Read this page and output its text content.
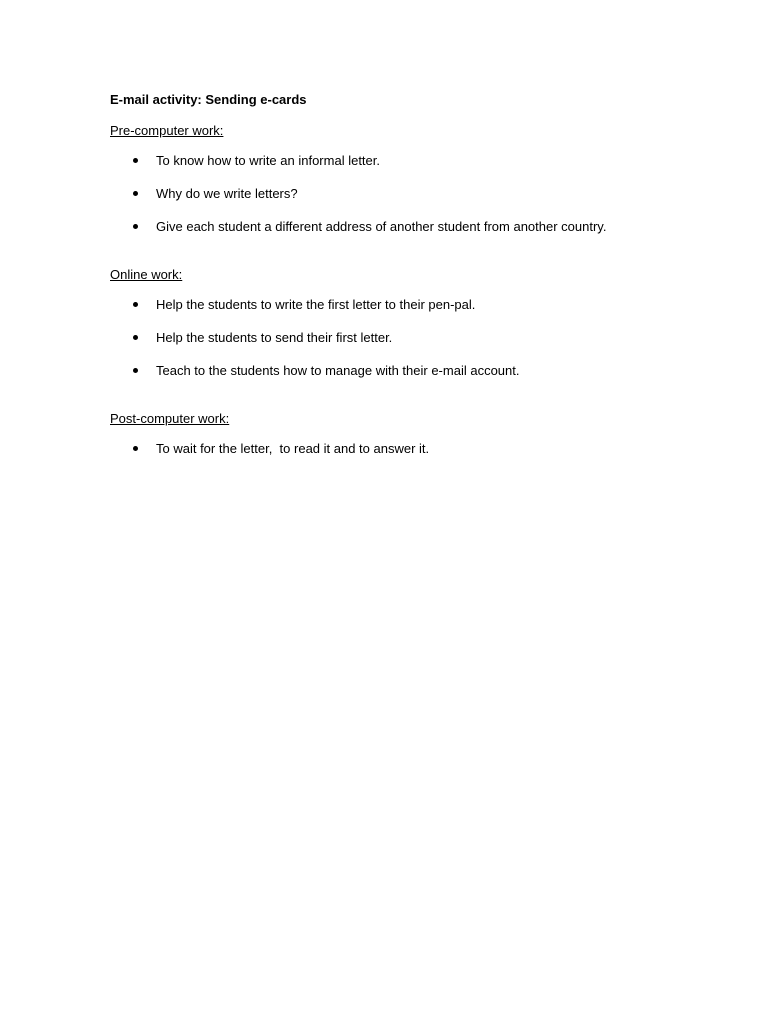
E-mail activity: Sending e-cards
Pre-computer work:
To know how to write an informal letter.
Why do we write letters?
Give each student a different address of another student from another country.
Online work:
Help the students to write the first letter to their pen-pal.
Help the students to send their first letter.
Teach to the students how to manage with their e-mail account.
Post-computer work:
To wait for the letter,  to read it and to answer it.
